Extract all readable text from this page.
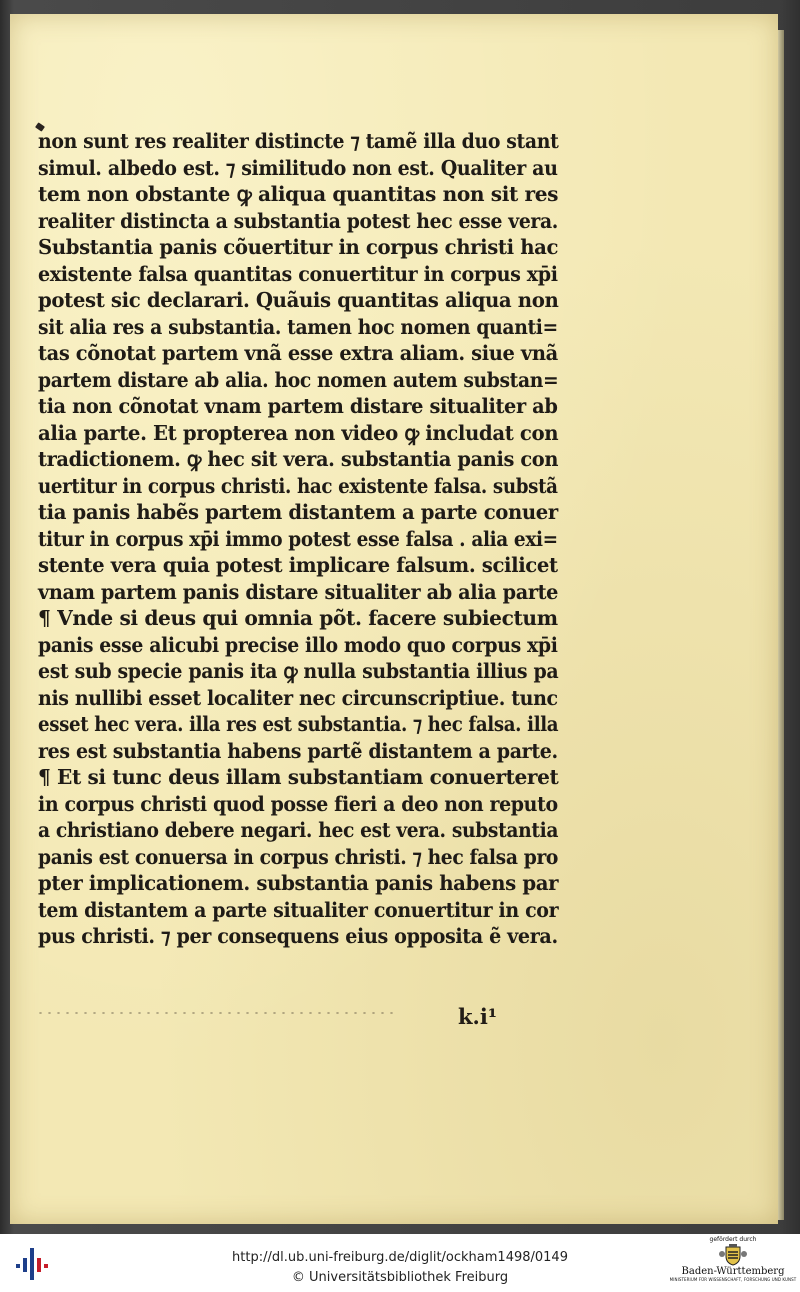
non sunt res realiter distincte ⁊ tamẽ illa duo stant
simul. albedo est. ⁊ similitudo non est. Qualiter au
tem non obstante ꝙ aliqua quantitas non sit res
realiter distincta a substantia potest hec esse vera.
Substantia panis cõuertitur in corpus christi hac
existente falsa quantitas conuertitur in corpus xp̄i
potest sic declarari. Quãuis quantitas aliqua non
sit alia res a substantia. tamen hoc nomen quanti=
tas cõnotat partem vnã esse extra aliam. siue vnã
partem distare ab alia. hoc nomen autem substan=
tia non cõnotat vnam partem distare situaliter ab
alia parte. Et propterea non video ꝙ includat con
tradictionem. ꝙ hec sit vera. substantia panis con
uertitur in corpus christi. hac existente falsa. substã
tia panis habẽs partem distantem a parte conuer
titur in corpus xp̄i immo potest esse falsa . alia exi=
stente vera quia potest implicare falsum. scilicet
vnam partem panis distare situaliter ab alia parte
¶ Vnde si deus qui omnia põt. facere subiectum
panis esse alicubi precise illo modo quo corpus xp̄i
est sub specie panis ita ꝙ nulla substantia illius pa
nis nullibi esset localiter nec circunscriptiue. tunc
esset hec vera. illa res est substantia. ⁊ hec falsa. illa
res est substantia habens partẽ distantem a parte.
¶ Et si tunc deus illam substantiam conuerteret
in corpus christi quod posse fieri a deo non reputo
a christiano debere negari. hec est vera. substantia
panis est conuersa in corpus christi. ⁊ hec falsa pro
pter implicationem. substantia panis habens par
tem distantem a parte situaliter conuertitur in cor
pus christi. ⁊ per consequens eius opposita ẽ vera.
k.i¹
http://dl.ub.uni-freiburg.de/diglit/ockham1498/0149
© Universitätsbibliothek Freiburg
gefördert durch
Baden-Württemberg
MINISTERIUM FÜR WISSENSCHAFT, FORSCHUNG UND KUNST
